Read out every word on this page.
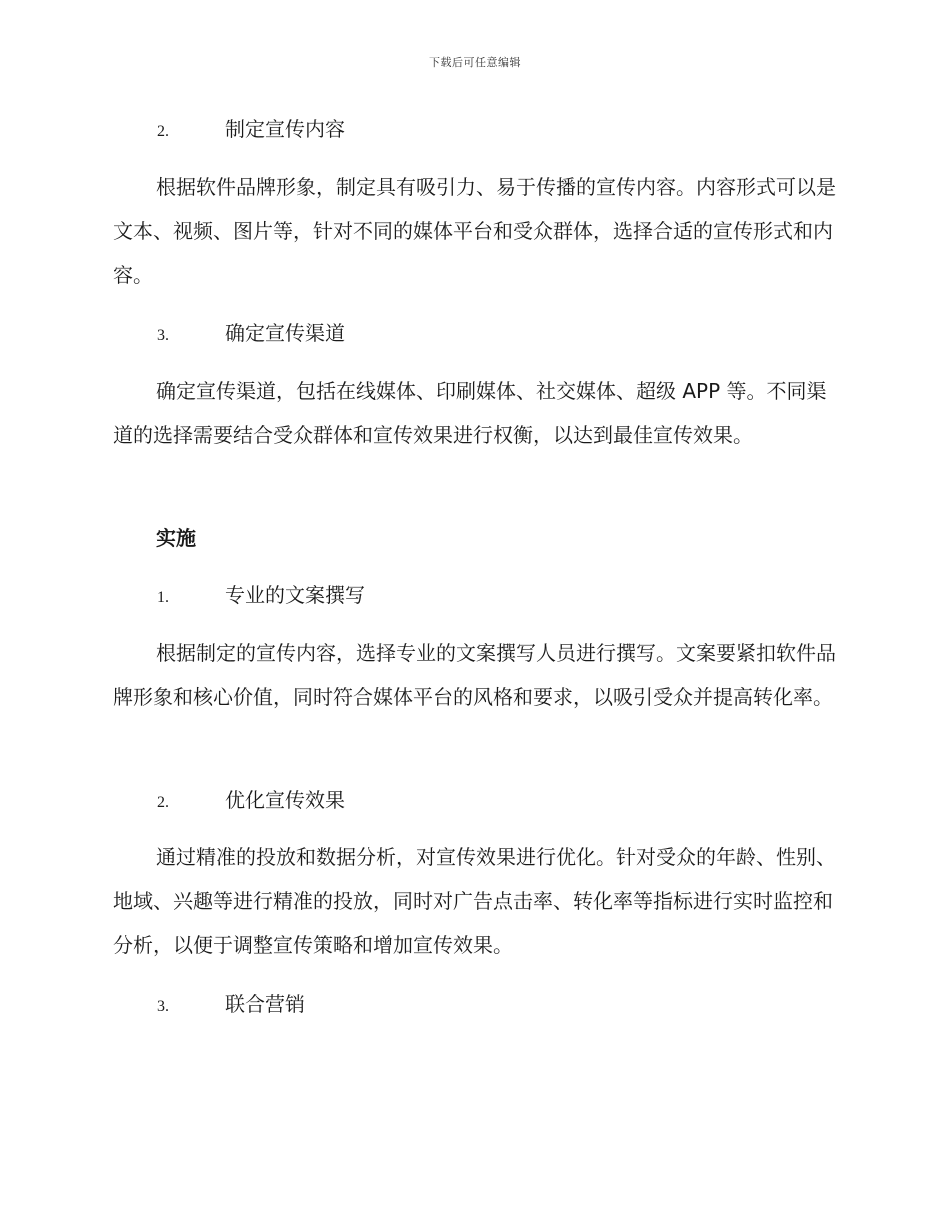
下载后可任意编辑
2.	制定宣传内容

根据软件品牌形象，制定具有吸引力、易于传播的宣传内容。内容形式可以是文本、视频、图片等，针对不同的媒体平台和受众群体，选择合适的宣传形式和内容。

3.	确定宣传渠道

确定宣传渠道，包括在线媒体、印刷媒体、社交媒体、超级 APP 等。不同渠道的选择需要结合受众群体和宣传效果进行权衡，以达到最佳宣传效果。

实施
1.	专业的文案撰写

根据制定的宣传内容，选择专业的文案撰写人员进行撰写。文案要紧扣软件品牌形象和核心价值，同时符合媒体平台的风格和要求，以吸引受众并提高转化率。

2.	优化宣传效果

通过精准的投放和数据分析，对宣传效果进行优化。针对受众的年龄、性别、地域、兴趣等进行精准的投放，同时对广告点击率、转化率等指标进行实时监控和分析，以便于调整宣传策略和增加宣传效果。

3.	联合营销
